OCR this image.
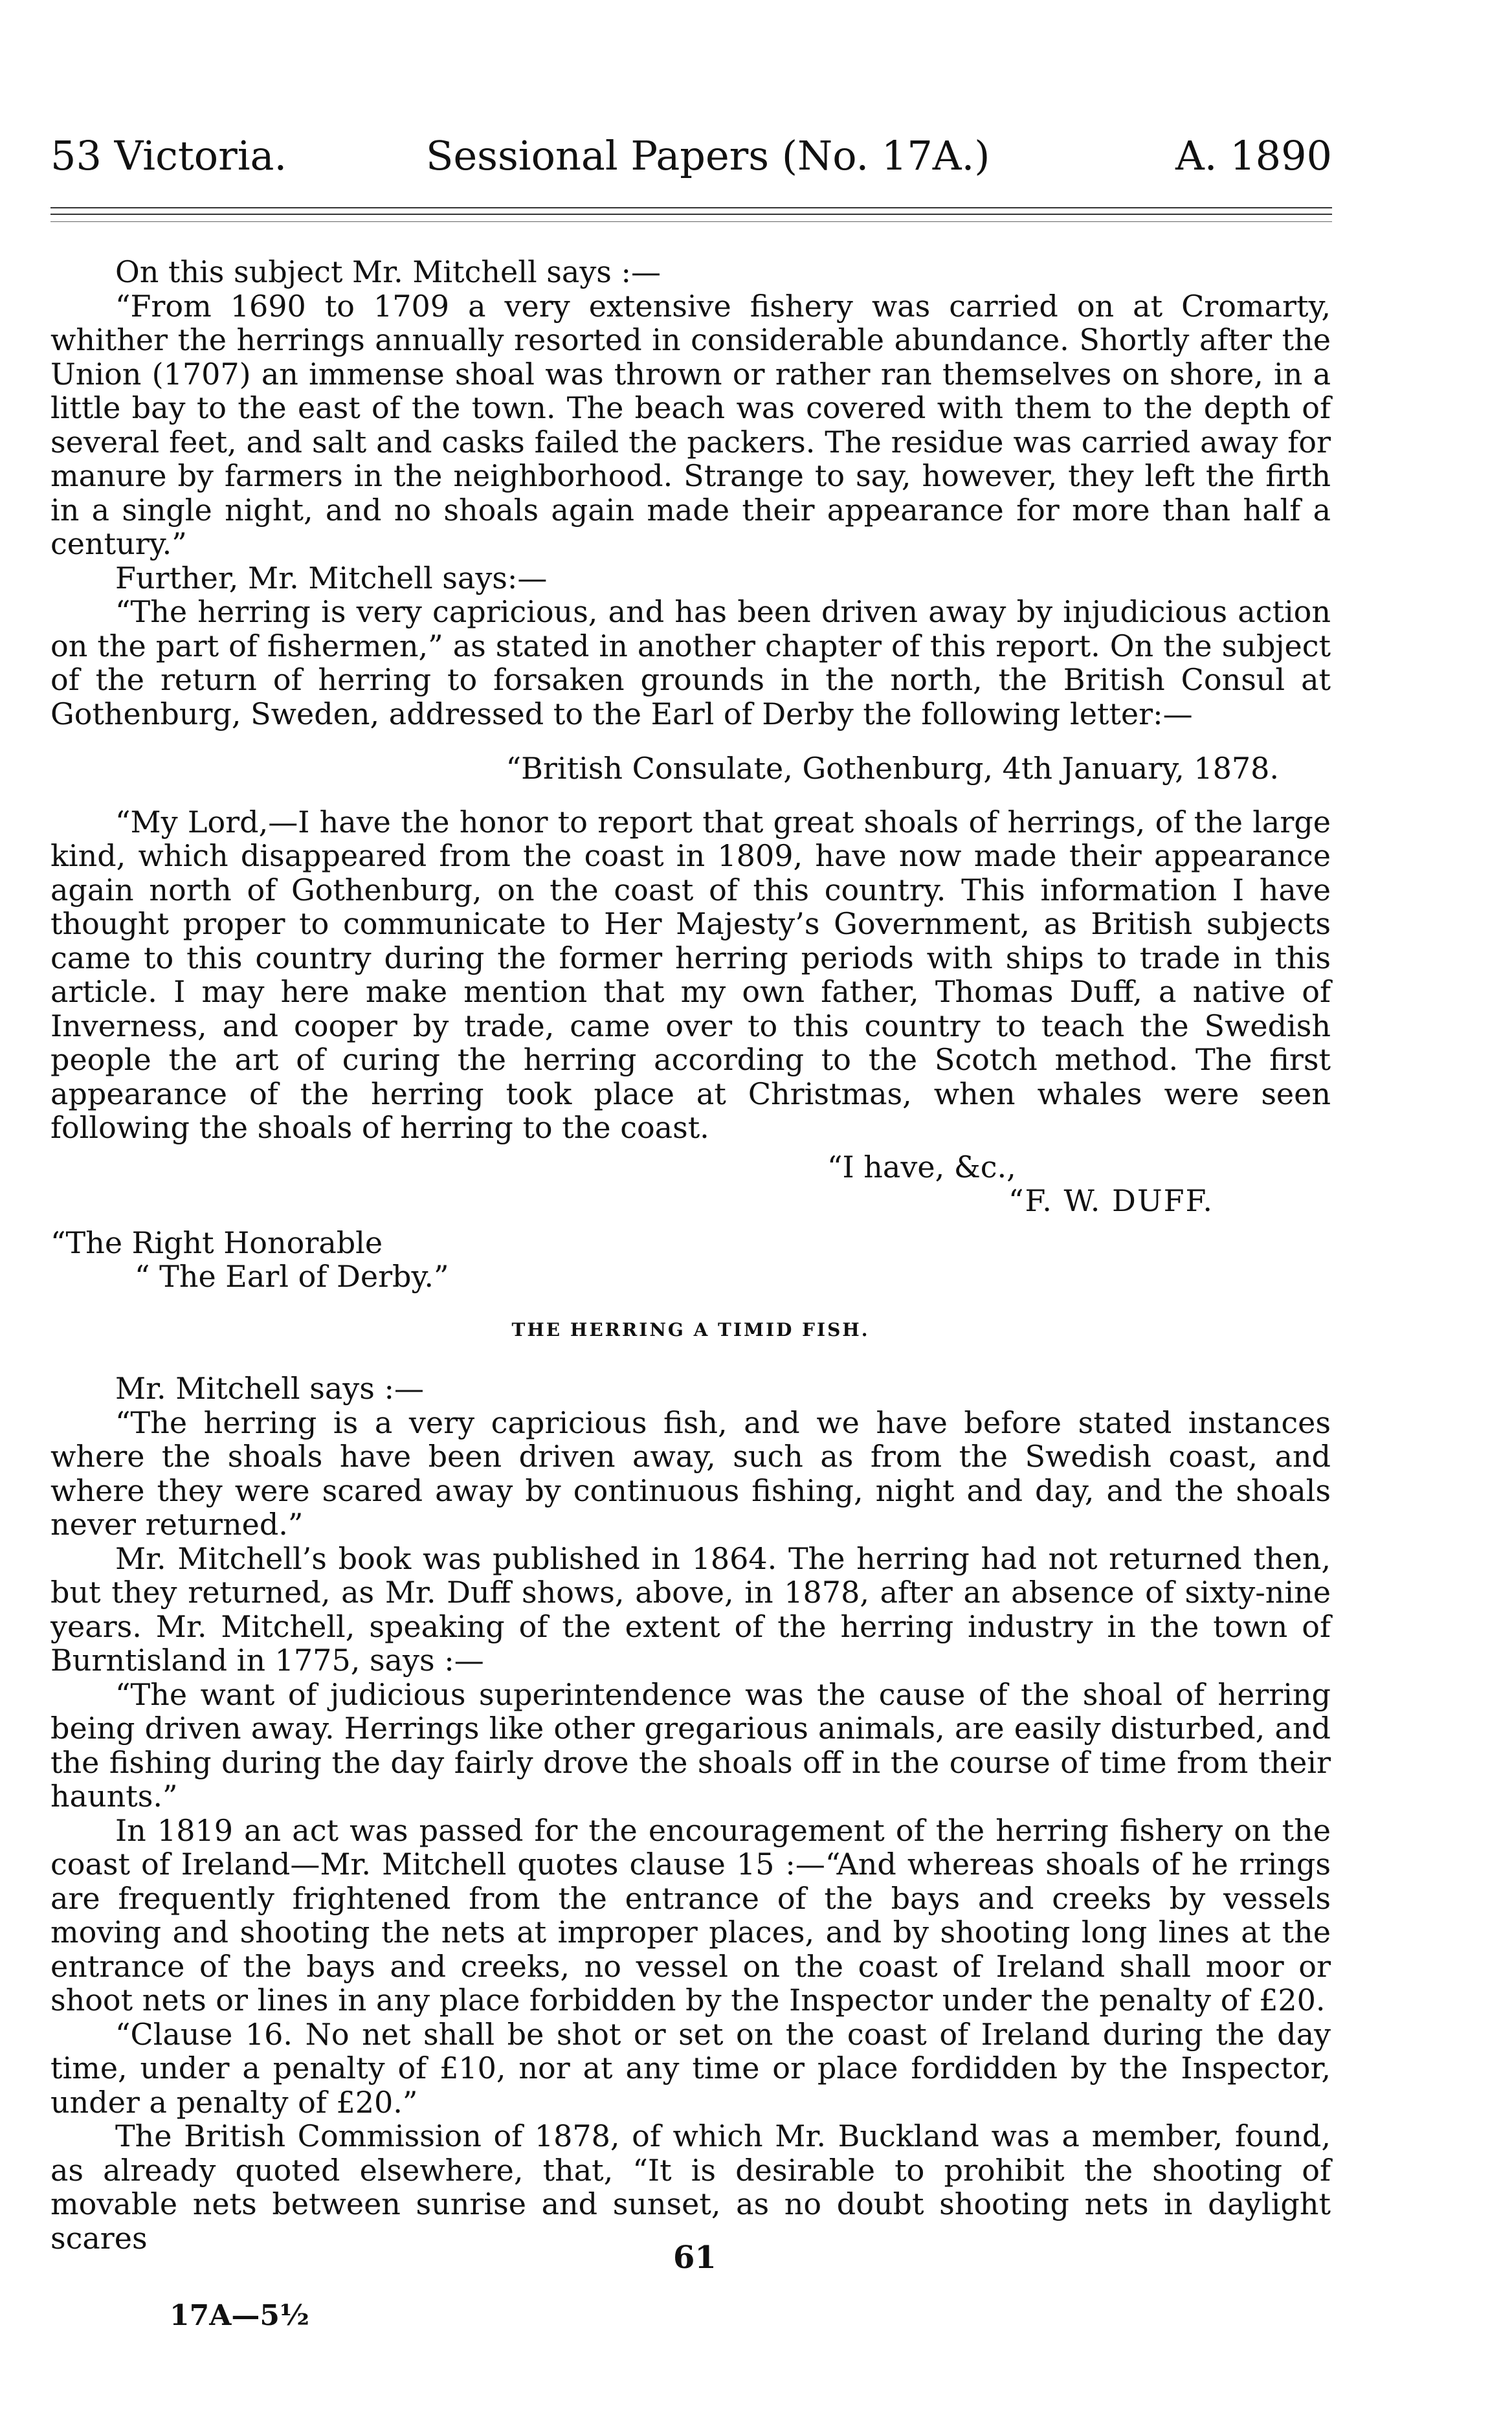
53 Victoria.	Sessional Papers (No. 17A.)	A. 1890

On this subject Mr. Mitchell says :—

“From 1690 to 1709 a very extensive fishery was carried on at Cromarty, whither the herrings annually resorted in considerable abundance. Shortly after the Union (1707) an immense shoal was thrown or rather ran themselves on shore, in a little bay to the east of the town. The beach was covered with them to the depth of several feet, and salt and casks failed the packers. The residue was carried away for manure by farmers in the neighborhood. Strange to say, however, they left the firth in a single night, and no shoals again made their appearance for more than half a century.”

Further, Mr. Mitchell says:—

“The herring is very capricious, and has been driven away by injudicious action on the part of fishermen,” as stated in another chapter of this report. On the subject of the return of herring to forsaken grounds in the north, the British Consul at Gothenburg, Sweden, addressed to the Earl of Derby the following letter:—

“British Consulate, Gothenburg, 4th January, 1878.

“My Lord,—I have the honor to report that great shoals of herrings, of the large kind, which disappeared from the coast in 1809, have now made their appearance again north of Gothenburg, on the coast of this country. This information I have thought proper to communicate to Her Majesty’s Government, as British subjects came to this country during the former herring periods with ships to trade in this article. I may here make mention that my own father, Thomas Duff, a native of Inverness, and cooper by trade, came over to this country to teach the Swedish people the art of curing the herring according to the Scotch method. The first appearance of the herring took place at Christmas, when whales were seen following the shoals of herring to the coast.

“I have, &c.,

“F. W. DUFF.

“The Right Honorable

“ The Earl of Derby.”

THE HERRING A TIMID FISH.

Mr. Mitchell says :—

“The herring is a very capricious fish, and we have before stated instances where the shoals have been driven away, such as from the Swedish coast, and where they were scared away by continuous fishing, night and day, and the shoals never returned.”

Mr. Mitchell’s book was published in 1864. The herring had not returned then, but they returned, as Mr. Duff shows, above, in 1878, after an absence of sixty-nine years. Mr. Mitchell, speaking of the extent of the herring industry in the town of Burntisland in 1775, says :—

“The want of judicious superintendence was the cause of the shoal of herring being driven away. Herrings like other gregarious animals, are easily disturbed, and the fishing during the day fairly drove the shoals off in the course of time from their haunts.”

In 1819 an act was passed for the encouragement of the herring fishery on the coast of Ireland—Mr. Mitchell quotes clause 15 :—“And whereas shoals of he rrings are frequently frightened from the entrance of the bays and creeks by vessels moving and shooting the nets at improper places, and by shooting long lines at the entrance of the bays and creeks, no vessel on the coast of Ireland shall moor or shoot nets or lines in any place forbidden by the Inspector under the penalty of £20.

“Clause 16. No net shall be shot or set on the coast of Ireland during the day time, under a penalty of £10, nor at any time or place fordidden by the Inspector, under a penalty of £20.”

The British Commission of 1878, of which Mr. Buckland was a member, found, as already quoted elsewhere, that, “It is desirable to prohibit the shooting of movable nets between sunrise and sunset, as no doubt shooting nets in daylight scares

61
17A—5½
